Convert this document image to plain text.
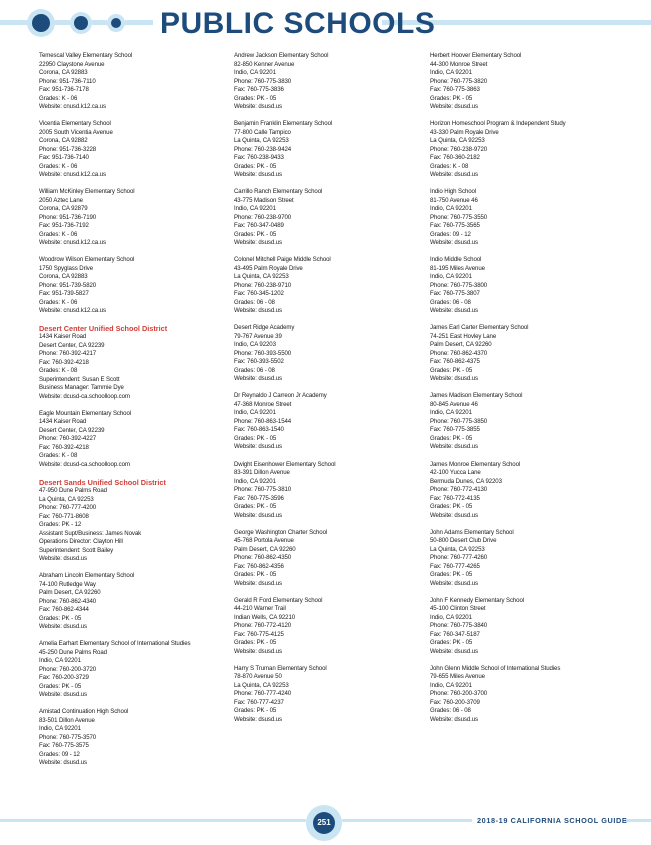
PUBLIC SCHOOLS
Temescal Valley Elementary School
22950 Claystone Avenue
Corona, CA 92883
Phone: 951-736-7110
Fax: 951-736-7178
Grades: K - 06
Website: cnusd.k12.ca.us
Vicentia Elementary School
2005 South Vicentia Avenue
Corona, CA 92882
Phone: 951-736-3228
Fax: 951-736-7140
Grades: K - 06
Website: cnusd.k12.ca.us
William McKinley Elementary School
2050 Aztec Lane
Corona, CA 92879
Phone: 951-736-7190
Fax: 951-736-7192
Grades: K - 06
Website: cnusd.k12.ca.us
Woodrow Wilson Elementary School
1750 Spyglass Drive
Corona, CA 92883
Phone: 951-739-5820
Fax: 951-739-5827
Grades: K - 06
Website: cnusd.k12.ca.us
Desert Center Unified School District
1434 Kaiser Road
Desert Center, CA 92239
Phone: 760-392-4217
Fax: 760-392-4218
Grades: K - 08
Superintendent: Susan E Scott
Business Manager: Tammie Dye
Website: dcusd-ca.schoolloop.com
Eagle Mountain Elementary School
1434 Kaiser Road
Desert Center, CA 92239
Phone: 760-392-4227
Fax: 760-392-4218
Grades: K - 08
Website: dcusd-ca.schoolloop.com
Desert Sands Unified School District
47-950 Dune Palms Road
La Quinta, CA 92253
Phone: 760-777-4200
Fax: 760-771-8608
Grades: PK - 12
Assistant Supt/Business: James Novak
Operations Director: Clayton Hill
Superintendent: Scott Bailey
Website: dsusd.us
Abraham Lincoln Elementary School
74-100 Rutledge Way
Palm Desert, CA 92260
Phone: 760-862-4340
Fax: 760-862-4344
Grades: PK - 05
Website: dsusd.us
Amelia Earhart Elementary School of International Studies
45-250 Dune Palms Road
Indio, CA 92201
Phone: 760-200-3720
Fax: 760-200-3729
Grades: PK - 05
Website: dsusd.us
Amistad Continuation High School
83-501 Dillon Avenue
Indio, CA 92201
Phone: 760-775-3570
Fax: 760-775-3575
Grades: 09 - 12
Website: dsusd.us
Andrew Jackson Elementary School
82-850 Kenner Avenue
Indio, CA 92201
Phone: 760-775-3830
Fax: 760-775-3836
Grades: PK - 05
Website: dsusd.us
Benjamin Franklin Elementary School
77-800 Calle Tampico
La Quinta, CA 92253
Phone: 760-238-9424
Fax: 760-238-9433
Grades: PK - 05
Website: dsusd.us
Carrillo Ranch Elementary School
43-775 Madison Street
Indio, CA 92201
Phone: 760-238-9700
Fax: 760-347-0489
Grades: PK - 05
Website: dsusd.us
Colonel Mitchell Paige Middle School
43-495 Palm Royale Drive
La Quinta, CA 92253
Phone: 760-238-9710
Fax: 760-345-1202
Grades: 06 - 08
Website: dsusd.us
Desert Ridge Academy
79-767 Avenue 39
Indio, CA 92203
Phone: 760-393-5500
Fax: 760-393-5502
Grades: 06 - 08
Website: dsusd.us
Dr Reynaldo J Carreon Jr Academy
47-368 Monroe Street
Indio, CA 92201
Phone: 760-863-1544
Fax: 760-863-1540
Grades: PK - 05
Website: dsusd.us
Dwight Eisenhower Elementary School
83-391 Dillon Avenue
Indio, CA 92201
Phone: 760-775-3810
Fax: 760-775-3596
Grades: PK - 05
Website: dsusd.us
George Washington Charter School
45-768 Portola Avenue
Palm Desert, CA 92260
Phone: 760-862-4350
Fax: 760-862-4356
Grades: PK - 05
Website: dsusd.us
Gerald R Ford Elementary School
44-210 Warner Trail
Indian Wells, CA 92210
Phone: 760-772-4120
Fax: 760-775-4125
Grades: PK - 05
Website: dsusd.us
Harry S Truman Elementary School
78-870 Avenue 50
La Quinta, CA 92253
Phone: 760-777-4240
Fax: 760-777-4237
Grades: PK - 05
Website: dsusd.us
Herbert Hoover Elementary School
44-300 Monroe Street
Indio, CA 92201
Phone: 760-775-3820
Fax: 760-775-3863
Grades: PK - 05
Website: dsusd.us
Horizon Homeschool Program & Independent Study
43-330 Palm Royale Drive
La Quinta, CA 92253
Phone: 760-238-9720
Fax: 760-360-2182
Grades: K - 08
Website: dsusd.us
Indio High School
81-750 Avenue 46
Indio, CA 92201
Phone: 760-775-3550
Fax: 760-775-3565
Grades: 09 - 12
Website: dsusd.us
Indio Middle School
81-195 Miles Avenue
Indio, CA 92201
Phone: 760-775-3800
Fax: 760-775-3807
Grades: 06 - 08
Website: dsusd.us
James Earl Carter Elementary School
74-251 East Hovley Lane
Palm Desert, CA 92260
Phone: 760-862-4370
Fax: 760-862-4375
Grades: PK - 05
Website: dsusd.us
James Madison Elementary School
80-845 Avenue 46
Indio, CA 92201
Phone: 760-775-3850
Fax: 760-775-3855
Grades: PK - 05
Website: dsusd.us
James Monroe Elementary School
42-100 Yucca Lane
Bermuda Dunes, CA 92203
Phone: 760-772-4130
Fax: 760-772-4135
Grades: PK - 05
Website: dsusd.us
John Adams Elementary School
50-800 Desert Club Drive
La Quinta, CA 92253
Phone: 760-777-4260
Fax: 760-777-4265
Grades: PK - 05
Website: dsusd.us
John F Kennedy Elementary School
45-100 Clinton Street
Indio, CA 92201
Phone: 760-775-3840
Fax: 760-347-5187
Grades: PK - 05
Website: dsusd.us
John Glenn Middle School of International Studies
79-655 Miles Avenue
Indio, CA 92201
Phone: 760-200-3700
Fax: 760-200-3709
Grades: 06 - 08
Website: dsusd.us
251	2018-19 CALIFORNIA SCHOOL GUIDE
